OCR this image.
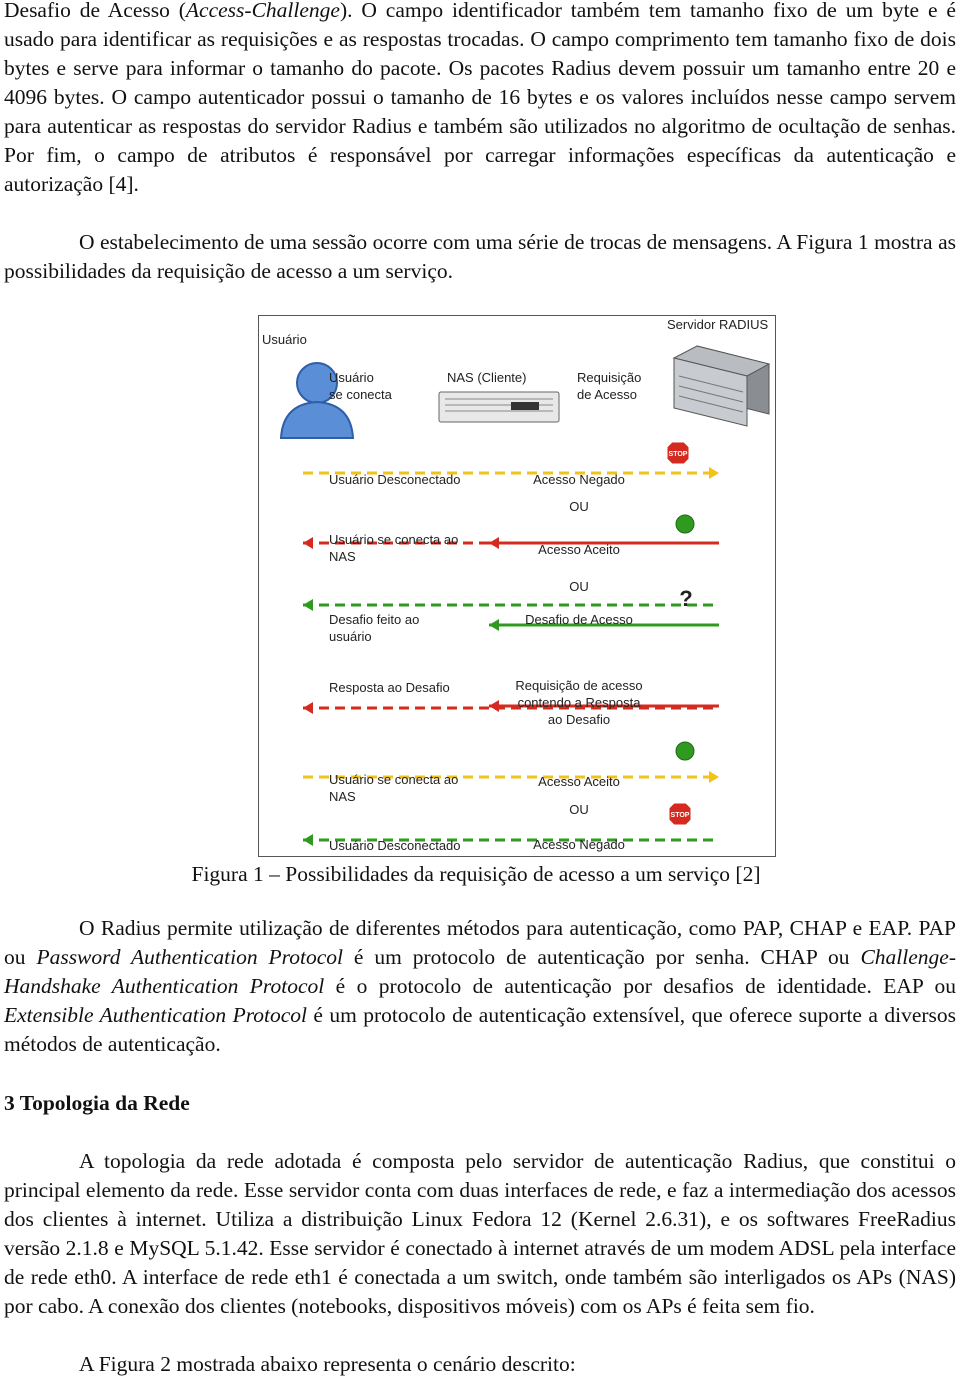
Desafio de Acesso (Access-Challenge). O campo identificador também tem tamanho fixo de um byte e é usado para identificar as requisições e as respostas trocadas. O campo comprimento tem tamanho fixo de dois bytes e serve para informar o tamanho do pacote. Os pacotes Radius devem possuir um tamanho entre 20 e 4096 bytes. O campo autenticador possui o tamanho de 16 bytes e os valores incluídos nesse campo servem para autenticar as respostas do servidor Radius e também são utilizados no algoritmo de ocultação de senhas. Por fim, o campo de atributos é responsável por carregar informações específicas da autenticação e autorização [4].

O estabelecimento de uma sessão ocorre com uma série de trocas de mensagens. A Figura 1 mostra as possibilidades da requisição de acesso a um serviço.

Usuário
Servidor RADIUS
NAS (Cliente)
Usuário se conecta
Requisição de Acesso
Usuário Desconectado
Usuário se conecta ao NAS
Desafio feito ao usuário
Resposta ao Desafio
Usuário se conecta ao NAS
Usuário Desconectado
Acesso Negado
OU
Acesso Aceito
OU
Desafio de Acesso
Requisição de acesso contendo a Resposta ao Desafio
Acesso Aceito
OU
Acesso Negado
STOP
?
STOP
Figura 1 – Possibilidades da requisição de acesso a um serviço [2]

O Radius permite utilização de diferentes métodos para autenticação, como PAP, CHAP e EAP. PAP ou Password Authentication Protocol é um protocolo de autenticação por senha. CHAP ou Challenge-Handshake Authentication Protocol é o protocolo de autenticação por desafios de identidade. EAP ou Extensible Authentication Protocol é um protocolo de autenticação extensível, que oferece suporte a diversos métodos de autenticação.

3 Topologia da Rede

A topologia da rede adotada é composta pelo servidor de autenticação Radius, que constitui o principal elemento da rede. Esse servidor conta com duas interfaces de rede, e faz a intermediação dos acessos dos clientes à internet. Utiliza a distribuição Linux Fedora 12 (Kernel 2.6.31), e os softwares FreeRadius versão 2.1.8 e MySQL 5.1.42. Esse servidor é conectado à internet através de um modem ADSL pela interface de rede eth0. A interface de rede eth1 é conectada a um switch, onde também são interligados os APs (NAS) por cabo. A conexão dos clientes (notebooks, dispositivos móveis) com os APs é feita sem fio.

A Figura 2 mostrada abaixo representa o cenário descrito:
